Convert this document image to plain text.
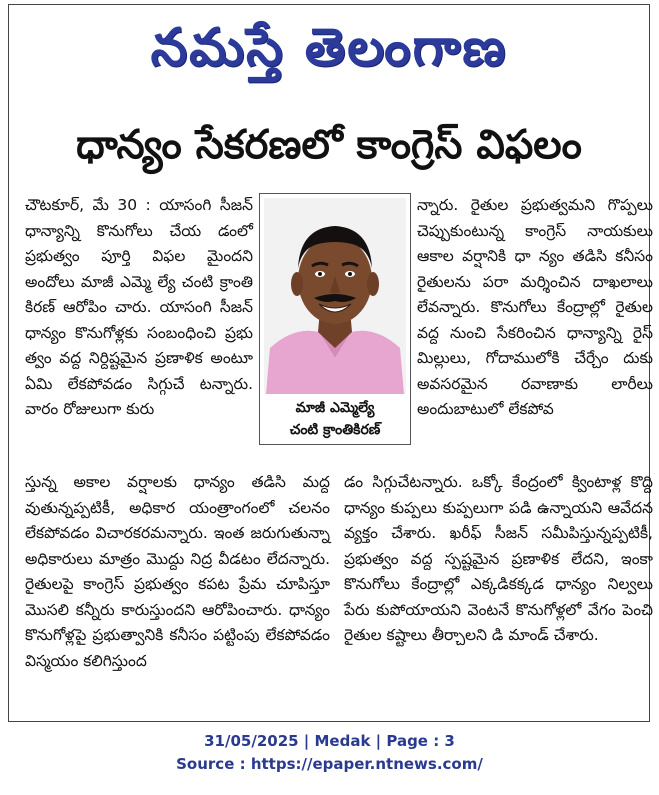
నమస్తే తెలంగాణ
ధాన్యం సేకరణలో కాంగ్రెస్ విఫలం

చౌటకూర్, మే 30 : యాసంగి సీజన్ ధాన్యాన్ని కొనుగోలు చేయ డంలో ప్రభుత్వం పూర్తి విఫల మైందని అందోలు మాజీ ఎమ్మె ల్యే చంటి క్రాంతి కిరణ్ ఆరోపిం చారు. యాసంగి సీజన్ ధాన్యం కొనుగోళ్లకు సంబంధించి ప్రభు త్వం వద్ద నిర్దిష్టమైన ప్రణాళిక అంటూ ఏమి లేకపోవడం సిగ్గుచే టన్నారు. వారం రోజులుగా కురు	మాజీ ఎమ్మెల్యే
చంటి క్రాంతికిరణ్

న్నారు. రైతుల ప్రభుత్వమని గొప్పలు చెప్పుకుంటున్న కాంగ్రెస్ నాయకులు ఆకాల వర్షానికి ధా న్యం తడిసి కనీసం రైతులను పరా మర్శించిన దాఖలాలు లేవన్నారు. కొనుగోలు కేంద్రాల్లో రైతుల వద్ద నుంచి సేకరించిన ధాన్యాన్ని రైస్ మిల్లులు, గోదాములోకి చేర్చేం దుకు అవసరమైన రవాణాకు లారీలు అందుబాటులో లేకపోవ

స్తున్న అకాల వర్షాలకు ధాన్యం తడిసి మద్ద వుతున్నప్పటికీ, అధికార యంత్రాంగంలో చలనం లేకపోవడం విచారకరమన్నారు. ఇంత జరుగుతున్నా అధికారులు మాత్రం మొద్దు నిద్ర వీడటం లేదన్నారు. రైతులపై కాంగ్రెస్ ప్రభుత్వం కపట ప్రేమ చూపిస్తూ మొసలి కన్నీరు కారుస్తుందని ఆరోపించారు. ధాన్యం కొనుగోళ్లపై ప్రభుత్వానికి కనీసం పట్టింపు లేకపోవడం విస్మయం కలిగిస్తుంద

డం సిగ్గుచేటన్నారు. ఒక్కో కేంద్రంలో క్వింటాళ్ల కొద్ది ధాన్యం కుప్పలు కుప్పలుగా పడి ఉన్నాయని ఆవేదన వ్యక్తం చేశారు. ఖరీఫ్ సీజన్ సమీపిస్తున్నప్పటికీ, ప్రభుత్వం వద్ద స్పష్టమైన ప్రణాళిక లేదని, ఇంకా కొనుగోలు కేంద్రాల్లో ఎక్కడికక్కడ ధాన్యం నిల్వలు పేరు కుపోయాయని వెంటనే కొనుగోళ్లలో వేగం పెంచి రైతుల కష్టాలు తీర్చాలని డి మాండ్ చేశారు.

31/05/2025 | Medak | Page : 3
Source : https://epaper.ntnews.com/
